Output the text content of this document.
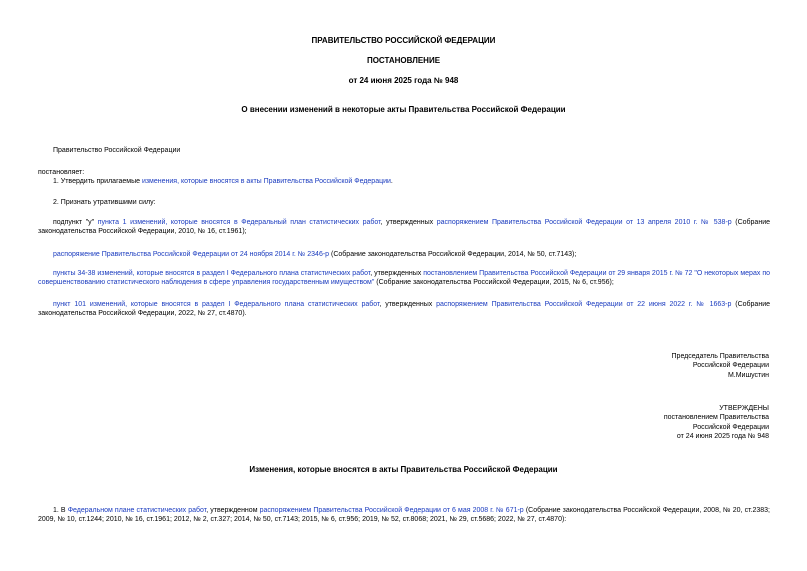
ПРАВИТЕЛЬСТВО РОССИЙСКОЙ ФЕДЕРАЦИИ
ПОСТАНОВЛЕНИЕ
от 24 июня 2025 года № 948
О внесении изменений в некоторые акты Правительства Российской Федерации
Правительство Российской Федерации
постановляет:
1. Утвердить прилагаемые изменения, которые вносятся в акты Правительства Российской Федерации.
2. Признать утратившими силу:
подпункт "у" пункта 1 изменений, которые вносятся в Федеральный план статистических работ, утвержденных распоряжением Правительства Российской Федерации от 13 апреля 2010 г. № 538-р (Собрание законодательства Российской Федерации, 2010, № 16, ст.1961);
распоряжение Правительства Российской Федерации от 24 ноября 2014 г. № 2346-р (Собрание законодательства Российской Федерации, 2014, № 50, ст.7143);
пункты 34-38 изменений, которые вносятся в раздел I Федерального плана статистических работ, утвержденных постановлением Правительства Российской Федерации от 29 января 2015 г. № 72 "О некоторых мерах по совершенствованию статистического наблюдения в сфере управления государственным имуществом" (Собрание законодательства Российской Федерации, 2015, № 6, ст.956);
пункт 101 изменений, которые вносятся в раздел I Федерального плана статистических работ, утвержденных распоряжением Правительства Российской Федерации от 22 июня 2022 г. № 1663-р (Собрание законодательства Российской Федерации, 2022, № 27, ст.4870).
Председатель Правительства
Российской Федерации
М.Мишустин
УТВЕРЖДЕНЫ
постановлением Правительства
Российской Федерации
от 24 июня 2025 года № 948
Изменения, которые вносятся в акты Правительства Российской Федерации
1. В Федеральном плане статистических работ, утвержденном распоряжением Правительства Российской Федерации от 6 мая 2008 г. № 671-р (Собрание законодательства Российской Федерации, 2008, № 20, ст.2383; 2009, № 10, ст.1244; 2010, № 16, ст.1961; 2012, № 2, ст.327; 2014, № 50, ст.7143; 2015, № 6, ст.956; 2019, № 52, ст.8068; 2021, № 29, ст.5686; 2022, № 27, ст.4870):
